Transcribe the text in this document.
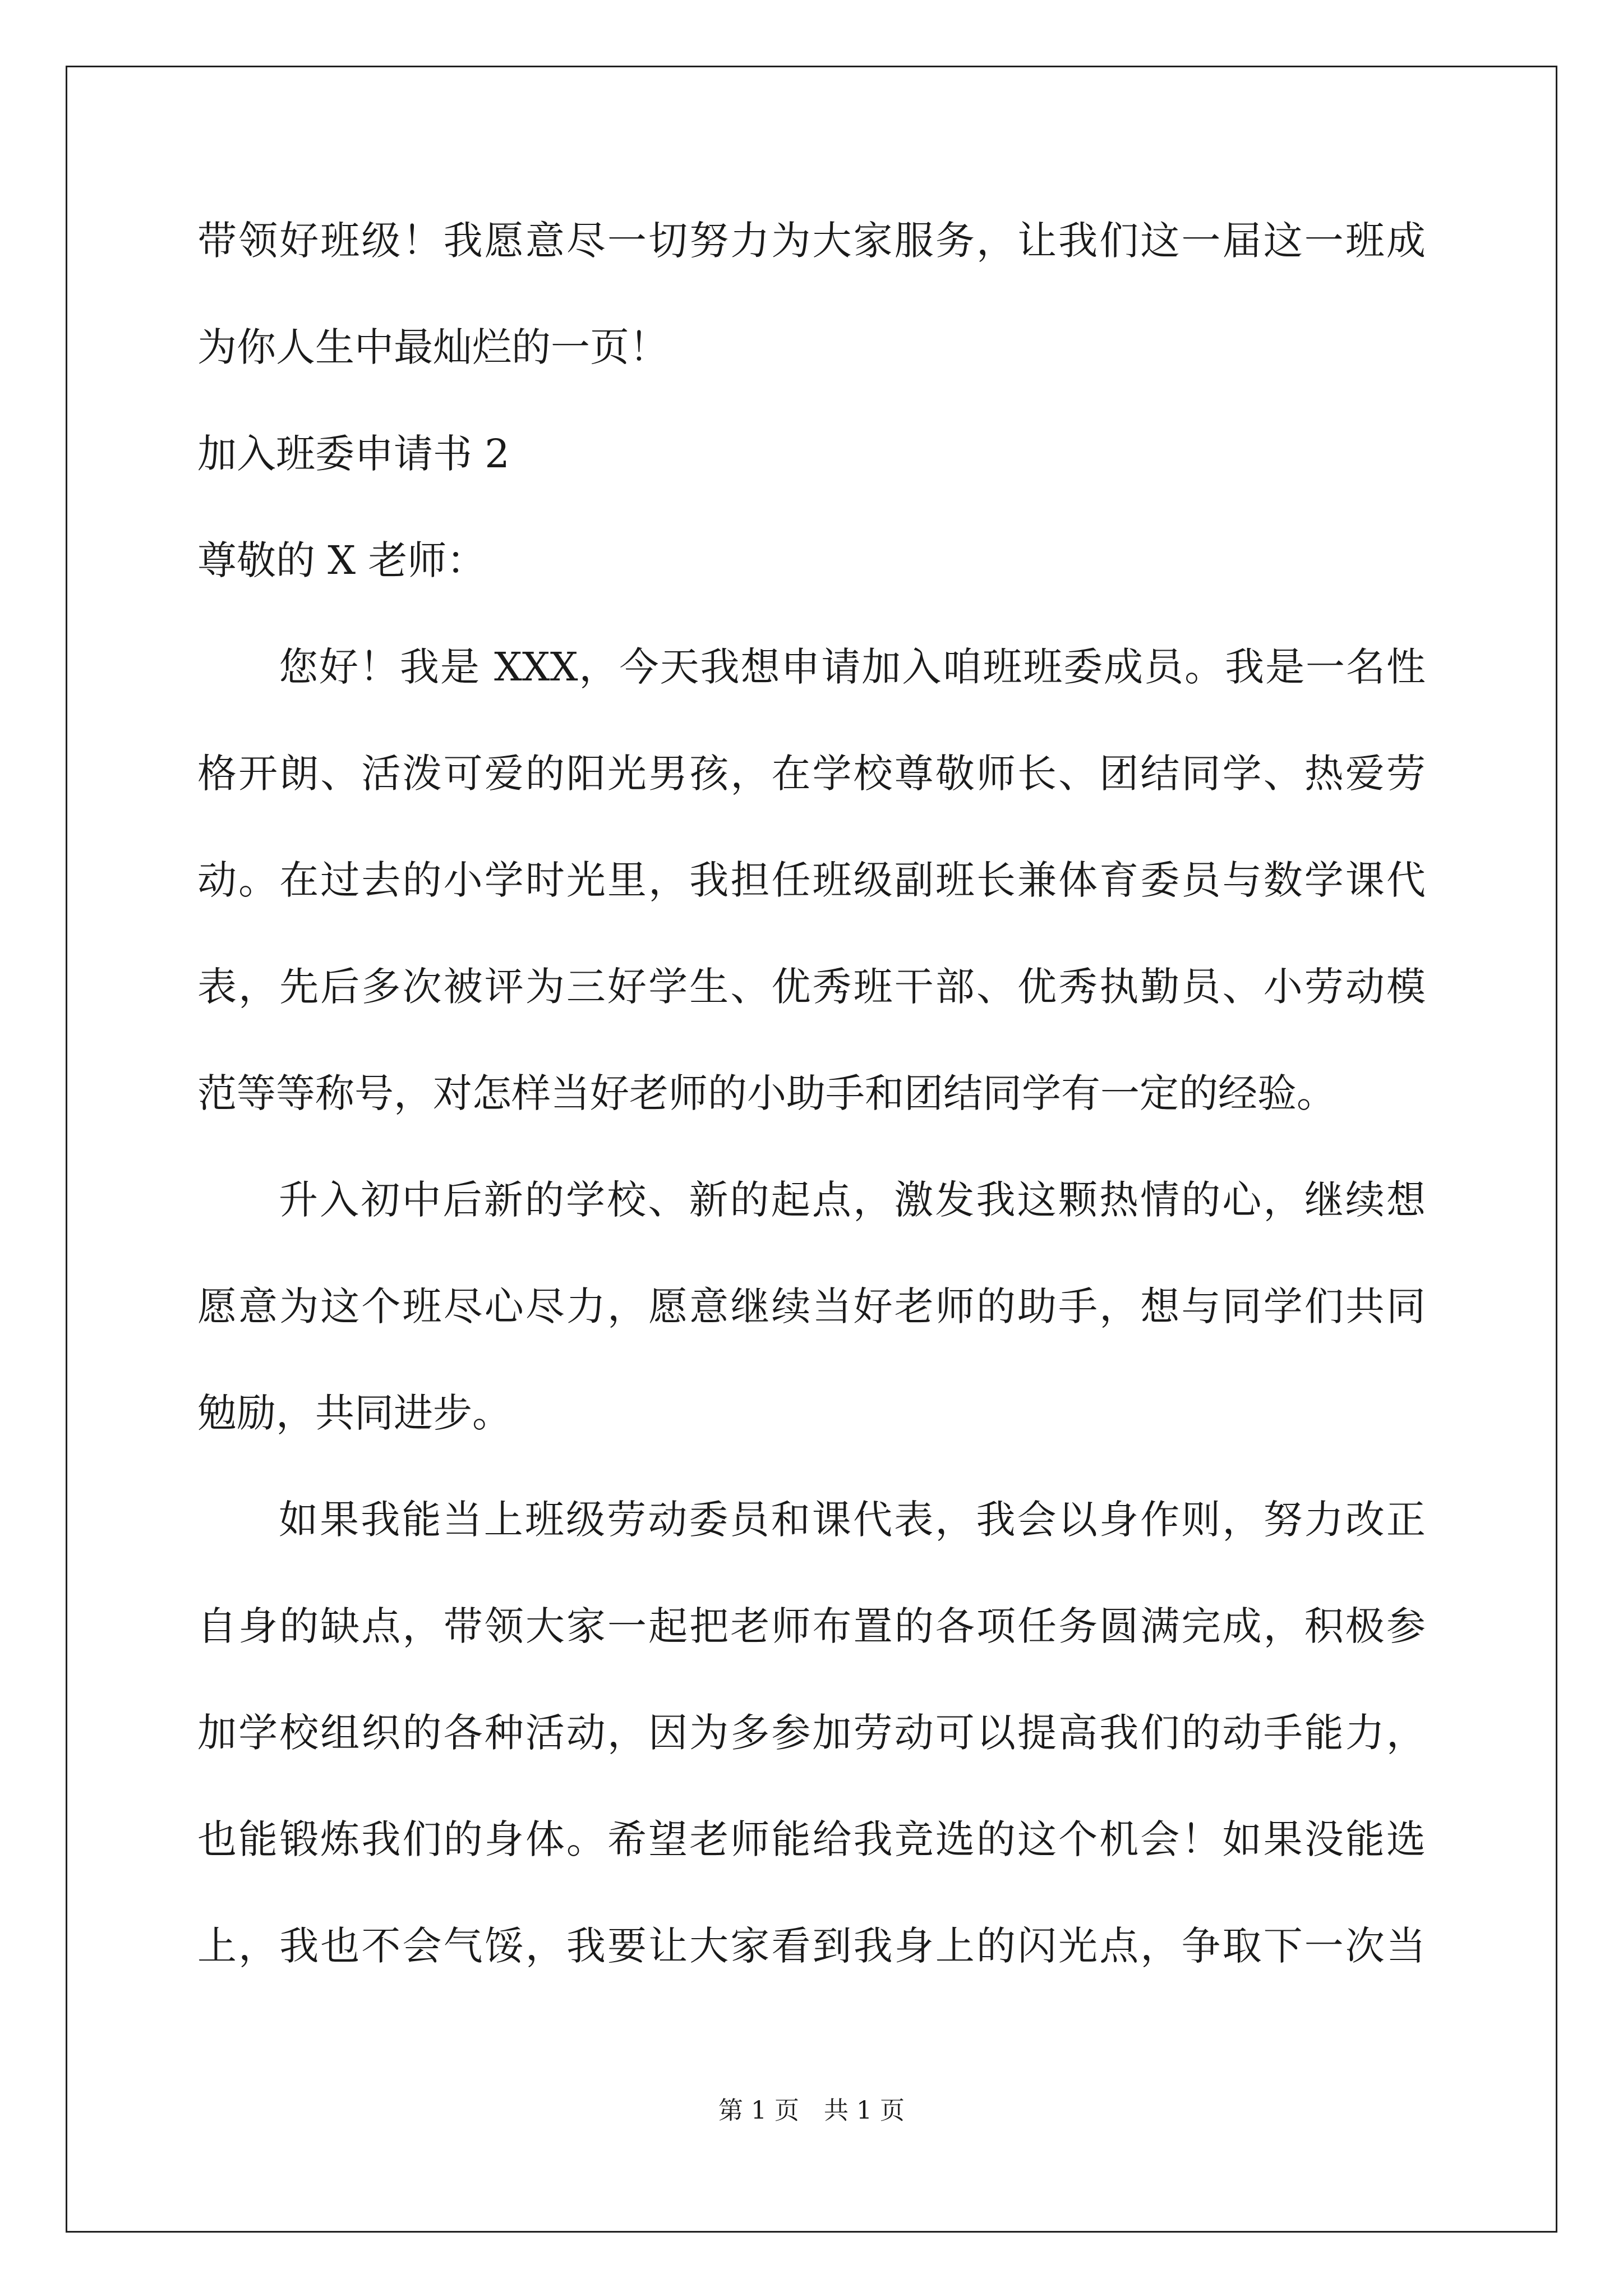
带领好班级！我愿意尽一切努力为大家服务，让我们这一届这一班成
为你人生中最灿烂的一页！
加入班委申请书 2
尊敬的 X 老师：
您好！我是 XXX，今天我想申请加入咱班班委成员。我是一名性
格开朗、活泼可爱的阳光男孩，在学校尊敬师长、团结同学、热爱劳
动。在过去的小学时光里，我担任班级副班长兼体育委员与数学课代
表，先后多次被评为三好学生、优秀班干部、优秀执勤员、小劳动模
范等等称号，对怎样当好老师的小助手和团结同学有一定的经验。
升入初中后新的学校、新的起点，激发我这颗热情的心，继续想
愿意为这个班尽心尽力，愿意继续当好老师的助手，想与同学们共同
勉励，共同进步。
如果我能当上班级劳动委员和课代表，我会以身作则，努力改正
自身的缺点，带领大家一起把老师布置的各项任务圆满完成，积极参
加学校组织的各种活动，因为多参加劳动可以提高我们的动手能力，
也能锻炼我们的身体。希望老师能给我竞选的这个机会！如果没能选
上，我也不会气馁，我要让大家看到我身上的闪光点，争取下一次当
第 1 页　共 1 页
